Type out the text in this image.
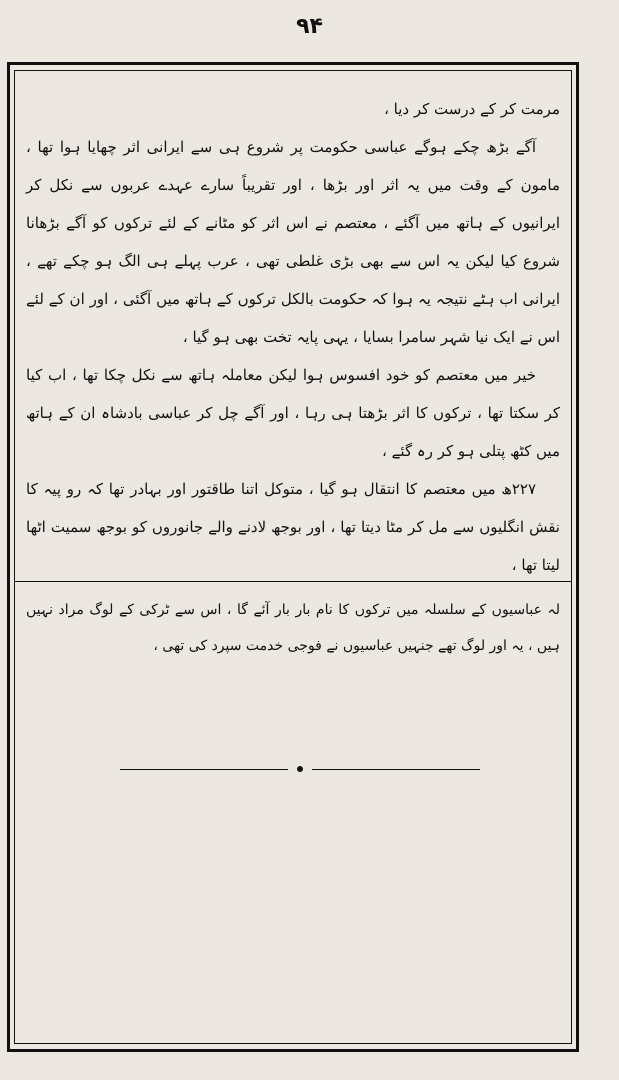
۹۴

مرمت کر کے درست کر دیا ،

آگے بڑھ چکے ہوگے عباسی حکومت پر شروع ہی سے ایرانی اثر چھایا ہوا تھا ، مامون کے وقت میں یہ اثر اور بڑھا ، اور تقریباً سارے عہدے عربوں سے نکل کر ایرانیوں کے ہاتھ میں آگئے ، معتصم نے اس اثر کو مٹانے کے لئے ترکوں کو آگے بڑھانا شروع کیا لیکن یہ اس سے بھی بڑی غلطی تھی ، عرب پہلے ہی الگ ہو چکے تھے ، ایرانی اب ہٹے نتیجہ یہ ہوا کہ حکومت بالکل ترکوں کے ہاتھ میں آگئی ، اور ان کے لئے اس نے ایک نیا شہر سامرا بسایا ، یہی پایہ تخت بھی ہو گیا ،

خیر میں معتصم کو خود افسوس ہوا لیکن معاملہ ہاتھ سے نکل چکا تھا ، اب کیا کر سکتا تھا ، ترکوں کا اثر بڑھتا ہی رہا ، اور آگے چل کر عباسی بادشاہ ان کے ہاتھ میں کٹھ پتلی ہو کر رہ گئے ،

۲۲۷ھ میں معتصم کا انتقال ہو گیا ، متوکل اتنا طاقتور اور بہادر تھا کہ رو پیہ کا نقش انگلیوں سے مل کر مٹا دیتا تھا ، اور بوجھ لادنے والے جانوروں کو بوجھ سمیت اٹھا لیتا تھا ،

لہ عباسیوں کے سلسلہ میں ترکوں کا نام بار بار آئے گا ، اس سے ٹرکی کے لوگ مراد نہیں ہیں ، یہ اور لوگ تھے جنہیں عباسیوں نے فوجی خدمت سپرد کی تھی ،
